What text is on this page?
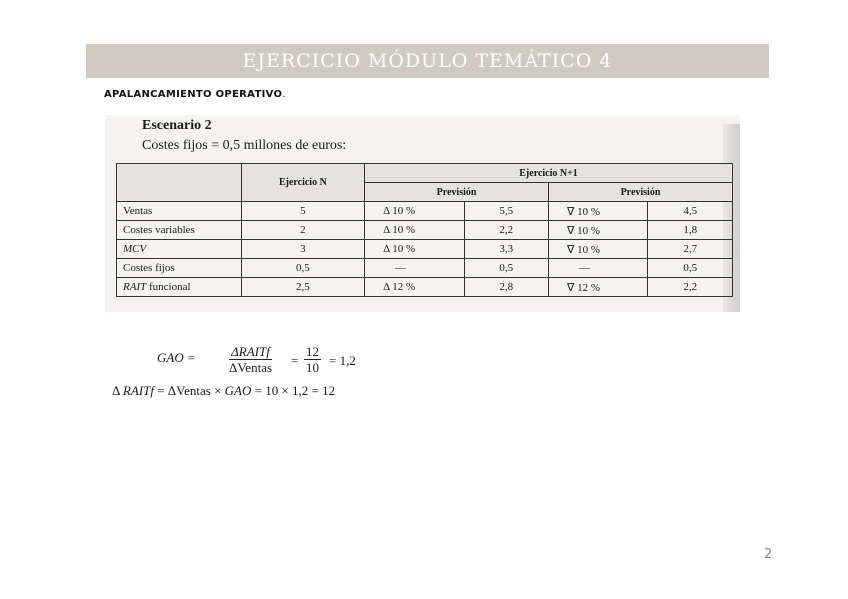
EJERCICIO MÓDULO TEMÁTICO 4
APALANCAMIENTO OPERATIVO.
Escenario 2
Costes fijos = 0,5 millones de euros:
	Ejercicio N	Ejercicio N+1			
		Previsión		Previsión	
Ventas	5	Δ 10 %	5,5	∇ 10 %	4,5
Costes variables	2	Δ 10 %	2,2	∇ 10 %	1,8
MCV	3	Δ 10 %	3,3	∇ 10 %	2,7
Costes fijos	0,5	—	0,5	—	0,5
RAIT funcional	2,5	Δ 12 %	2,8	∇ 12 %	2,2
GAO =	ΔRAITf
ΔVentas = $\frac{12}{10} = 1,2$
Δ RAITf = ΔVentas × GAO = 10 × 1,2 = 12
2
